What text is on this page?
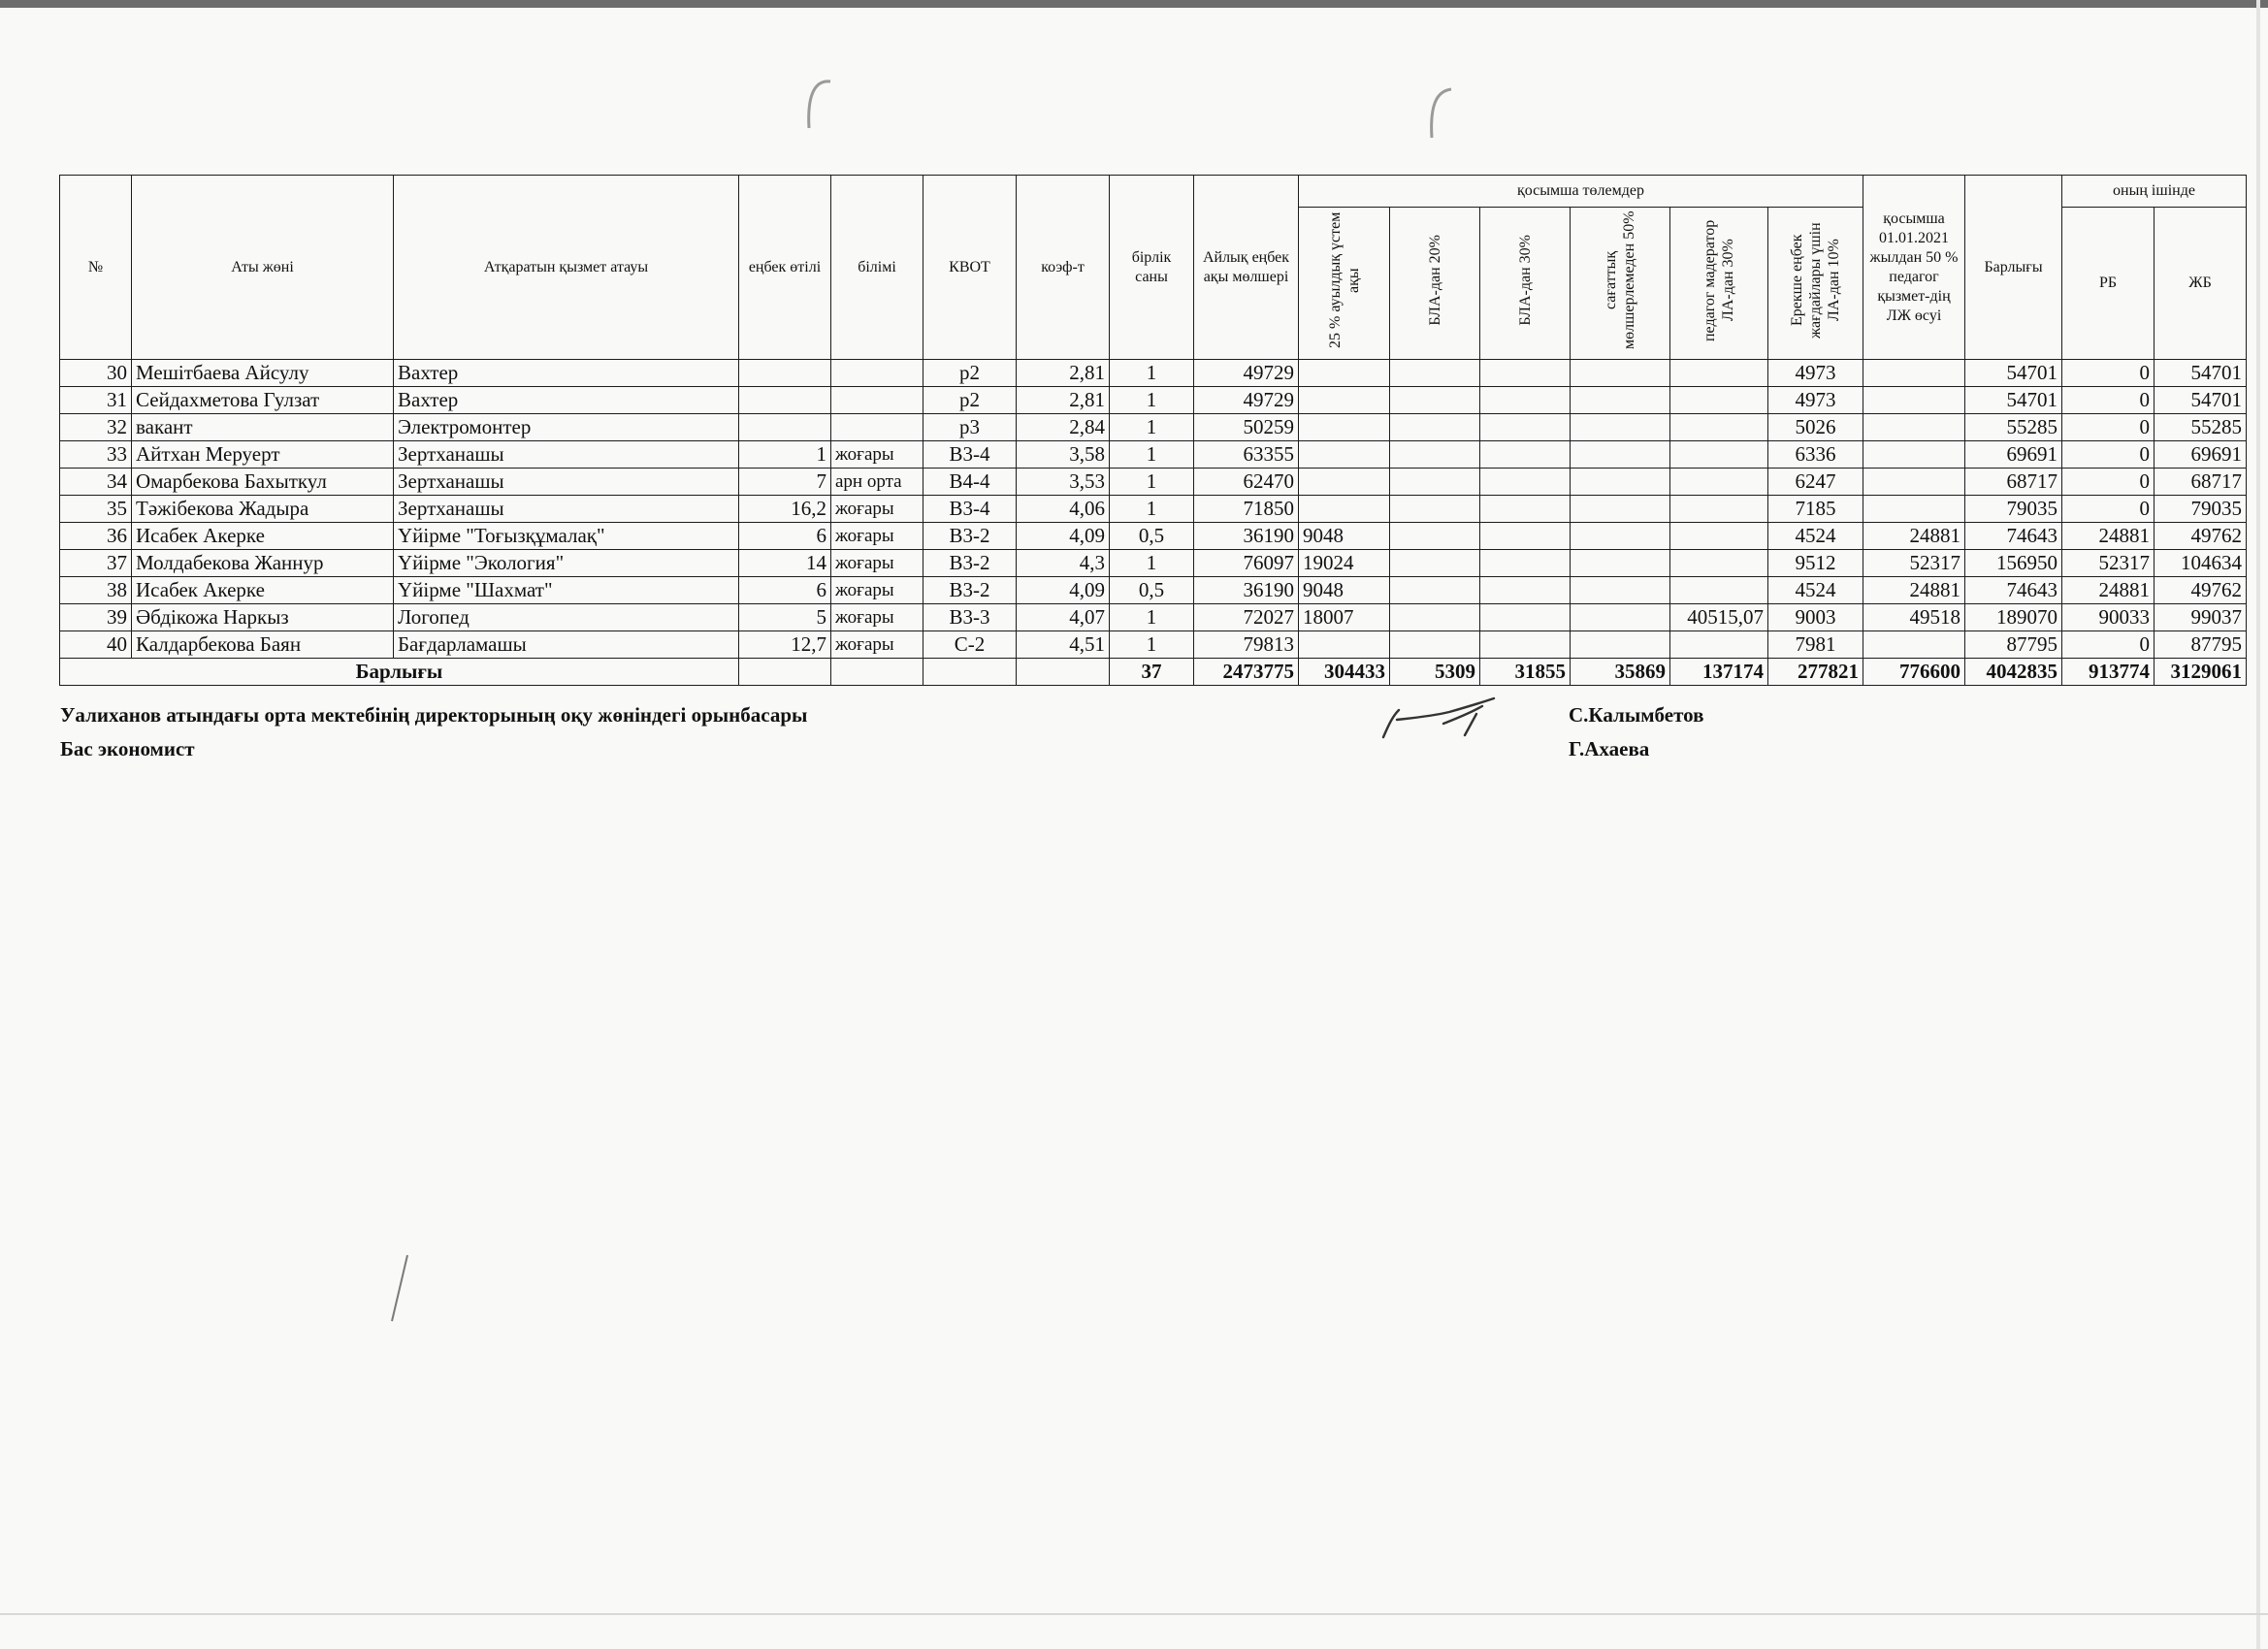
№	Аты жөні	Атқаратын қызмет атауы	еңбек өтілі	білімі	КВОТ	коэф-т	бірлік саны	Айлық еңбек ақы мөлшері	қосымша төлемдер						қосымша 01.01.2021 жылдан 50 % педагог қызмет-дің ЛЖ өсуі	Барлығы	оның ішінде	
									25 % ауылдық үстем ақы	БЛА-дан 20%	БЛА-дан 30%	сағаттық мөлшерлемеден 50%	педагог мадератор ЛА-дан 30%	Ерекше еңбек жағдайлары үшін ЛА-дан 10%			РБ	ЖБ
30	Мешітбаева Айсулу	Вахтер			р2	2,81	1	49729						4973		54701	0	54701
31	Сейдахметова Гулзат	Вахтер			р2	2,81	1	49729						4973		54701	0	54701
32	вакант	Электромонтер			р3	2,84	1	50259						5026		55285	0	55285
33	Айтхан Меруерт	Зертханашы	1	жоғары	В3-4	3,58	1	63355						6336		69691	0	69691
34	Омарбекова Бахыткул	Зертханашы	7	арн орта	В4-4	3,53	1	62470						6247		68717	0	68717
35	Тәжібекова Жадыра	Зертханашы	16,2	жоғары	В3-4	4,06	1	71850						7185		79035	0	79035
36	Исабек Акерке	Үйірме "Тоғызқұмалақ"	6	жоғары	В3-2	4,09	0,5	36190	9048					4524	24881	74643	24881	49762
37	Молдабекова Жаннур	Үйірме "Экология"	14	жоғары	В3-2	4,3	1	76097	19024					9512	52317	156950	52317	104634
38	Исабек Акерке	Үйірме "Шахмат"	6	жоғары	В3-2	4,09	0,5	36190	9048					4524	24881	74643	24881	49762
39	Әбдікожа Наркыз	Логопед	5	жоғары	В3-3	4,07	1	72027	18007				40515,07	9003	49518	189070	90033	99037
40	Калдарбекова Баян	Бағдарламашы	12,7	жоғары	С-2	4,51	1	79813						7981		87795	0	87795
Барлығы							37	2473775	304433	5309	31855	35869	137174	277821	776600	4042835	913774	3129061
Уалиханов атындағы орта мектебінің директорының оқу жөніндегі орынбасары	С.Калымбетов
Бас экономист	Г.Ахаева
